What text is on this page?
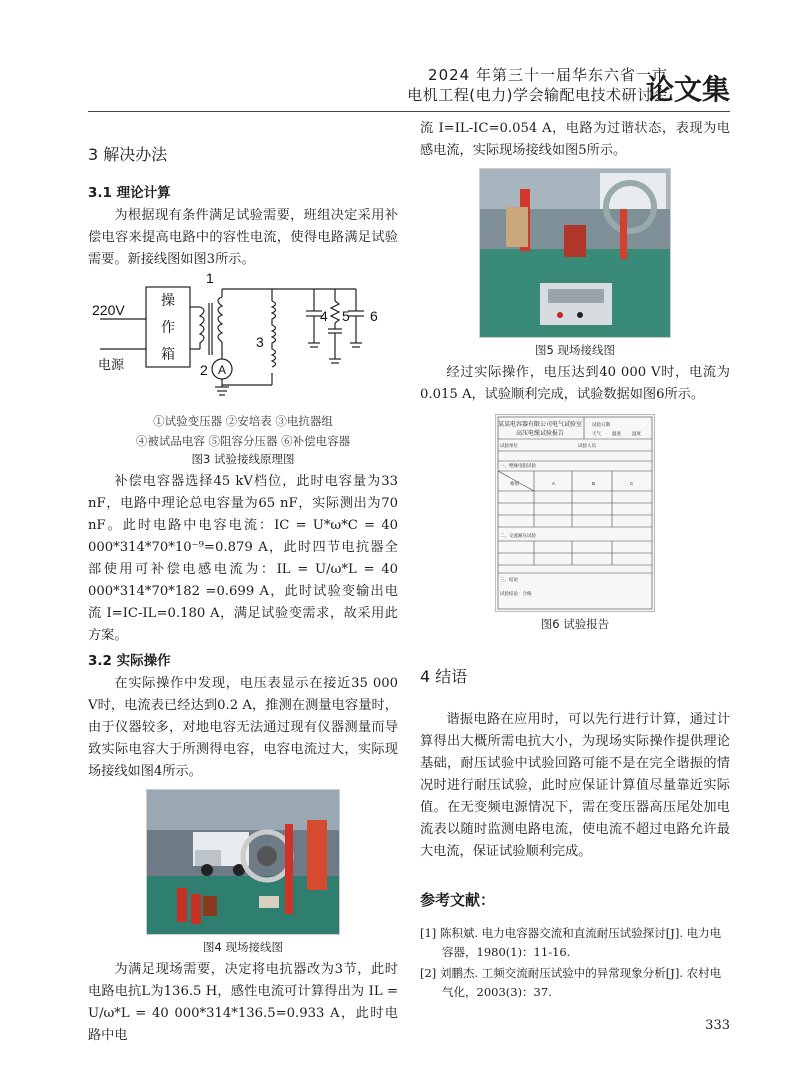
2024 年第三十一届华东六省一市
电机工程(电力)学会输配电技术研讨会
论文集
3 解决办法
3.1 理论计算

为根据现有条件满足试验需要，班组决定采用补偿电容来提高电路中的容性电流，使得电路满足试验需要。新接线图如图3所示。

220V
电源
操
作
箱
1
2 A
3
4 5 6
①试验变压器 ②安培表 ③电抗器组
④被试品电容 ⑤阻容分压器 ⑥补偿电容器
图3 试验接线原理图

补偿电容器选择45 kV档位，此时电容量为33 nF，电路中理论总电容量为65 nF，实际测出为70 nF。此时电路中电容电流：IC = U*ω*C = 40 000*314*70*10⁻⁹=0.879 A，此时四节电抗器全部使用可补偿电感电流为：IL = U/ω*L = 40 000*314*70*182 =0.699 A，此时试验变输出电流 I=IC-IL=0.180 A，满足试验变需求，故采用此方案。

3.2 实际操作

在实际操作中发现，电压表显示在接近35 000 V时，电流表已经达到0.2 A，推测在测量电容量时，由于仪器较多，对地电容无法通过现有仪器测量而导致实际电容大于所测得电容，电容电流过大，实际现场接线如图4所示。

图4 现场接线图

为满足现场需要，决定将电抗器改为3节，此时电路电抗L为136.5 H，感性电流可计算得出为 IL = U/ω*L = 40 000*314*136.5=0.933 A，此时电路中电

流 I=IL-IC=0.054 A，电路为过谐状态，表现为电感电流，实际现场接线如图5所示。

图5 现场接线图

经过实际操作，电压达到40 000 V时，电流为0.015 A，试验顺利完成，试验数据如图6所示。

某某电容器有限公司电气试验室
高压电缆试验报告
试验日期
天气 温度 湿度
试验单位	试验人员
一、绝缘电阻试验
相别	A	B	C
二、交流耐压试验
三、结论
试验结论：合格
图6 试验报告
4 结语

谐振电路在应用时，可以先行进行计算，通过计算得出大概所需电抗大小，为现场实际操作提供理论基础，耐压试验中试验回路可能不是在完全谐振的情况时进行耐压试验，此时应保证计算值尽量靠近实际值。在无变频电源情况下，需在变压器高压尾处加电流表以随时监测电路电流，使电流不超过电路允许最大电流，保证试验顺利完成。

参考文献：
[1] 陈积斌. 电力电容器交流和直流耐压试验探讨[J]. 电力电
容器，1980(1)：11-16.
[2] 刘鹏杰. 工频交流耐压试验中的异常现象分析[J]. 农村电
气化，2003(3)：37.
333
